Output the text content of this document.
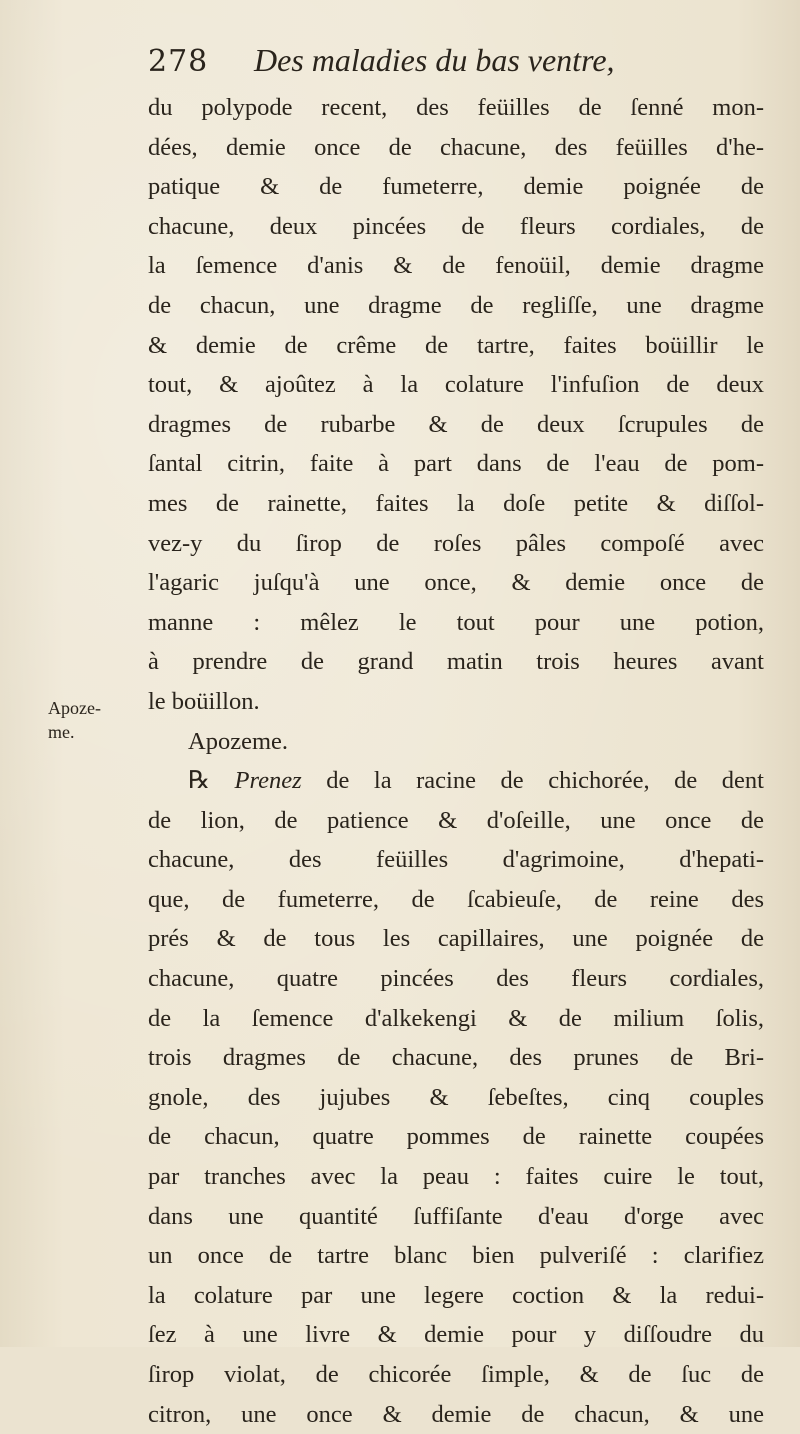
278 Des maladies du bas ventre,
Apoze-
me.
du polypode recent, des feüilles de ſenné mon-
dées, demie once de chacune, des feüilles d'he-
patique & de fumeterre, demie poignée de
chacune, deux pincées de fleurs cordiales, de
la ſemence d'anis & de fenoüil, demie dragme
de chacun, une dragme de regliſſe, une dragme
& demie de crême de tartre, faites boüillir le
tout, & ajoûtez à la colature l'infuſion de deux
dragmes de rubarbe & de deux ſcrupules de
ſantal citrin, faite à part dans de l'eau de pom-
mes de rainette, faites la doſe petite & diſſol-
vez-y du ſirop de roſes pâles compoſé avec
l'agaric juſqu'à une once, & demie once de
manne : mêlez le tout pour une potion,
à prendre de grand matin trois heures avant
le boüillon.
Apozeme.
℞ Prenez de la racine de chichorée, de dent
de lion, de patience & d'oſeille, une once de
chacune, des feüilles d'agrimoine, d'hepati-
que, de fumeterre, de ſcabieuſe, de reine des
prés & de tous les capillaires, une poignée de
chacune, quatre pincées des fleurs cordiales,
de la ſemence d'alkekengi & de milium ſolis,
trois dragmes de chacune, des prunes de Bri-
gnole, des jujubes & ſebeſtes, cinq couples
de chacun, quatre pommes de rainette coupées
par tranches avec la peau : faites cuire le tout,
dans une quantité ſuffiſante d'eau d'orge avec
un once de tartre blanc bien pulveriſé : clarifiez
la colature par une legere coction & la redui-
ſez à une livre & demie pour y diſſoudre du
ſirop violat, de chicorée ſimple, & de ſuc de
citron, une once & demie de chacun, & une
